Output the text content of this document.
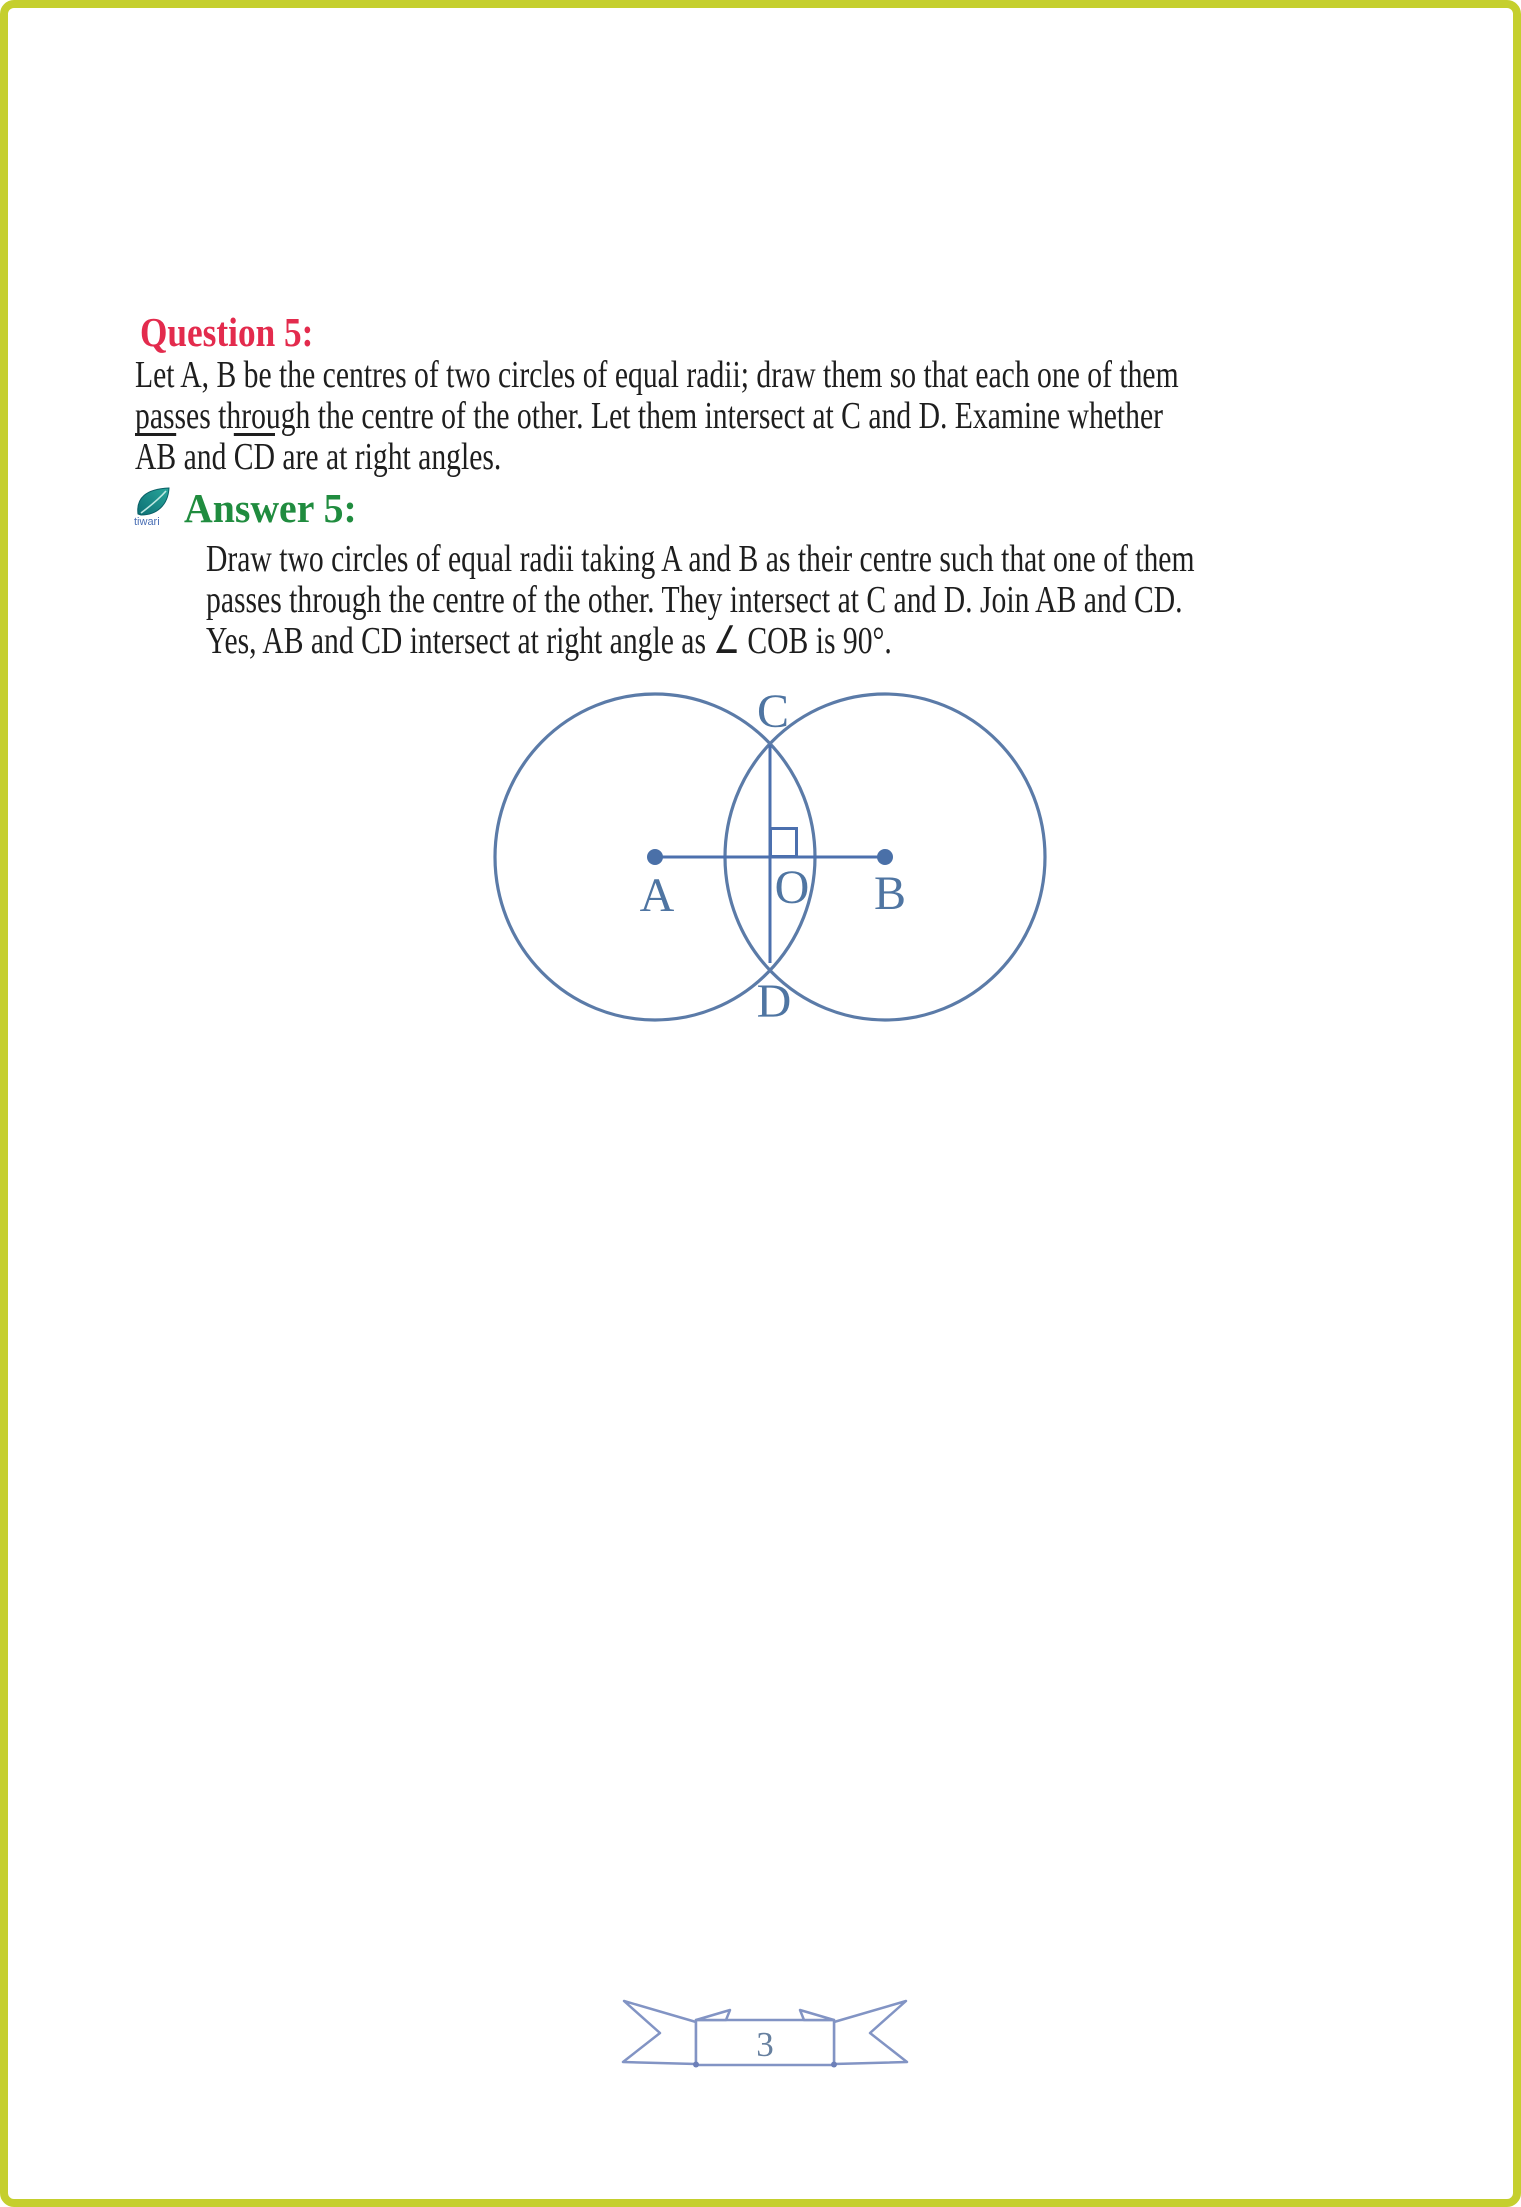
Question 5:
Let A, B be the centres of two circles of equal radii; draw them so that each one of them
passes through the centre of the other. Let them intersect at C and D. Examine whether
$\overline{AB}$ and $\overline{CD}$ are at right angles.
tiwari Answer 5:
Draw two circles of equal radii taking A and B as their centre such that one of them
passes through the centre of the other. They intersect at C and D. Join AB and CD.
Yes, AB and CD intersect at right angle as ∠ COB is 90°.
A	B
C
D
O
3
